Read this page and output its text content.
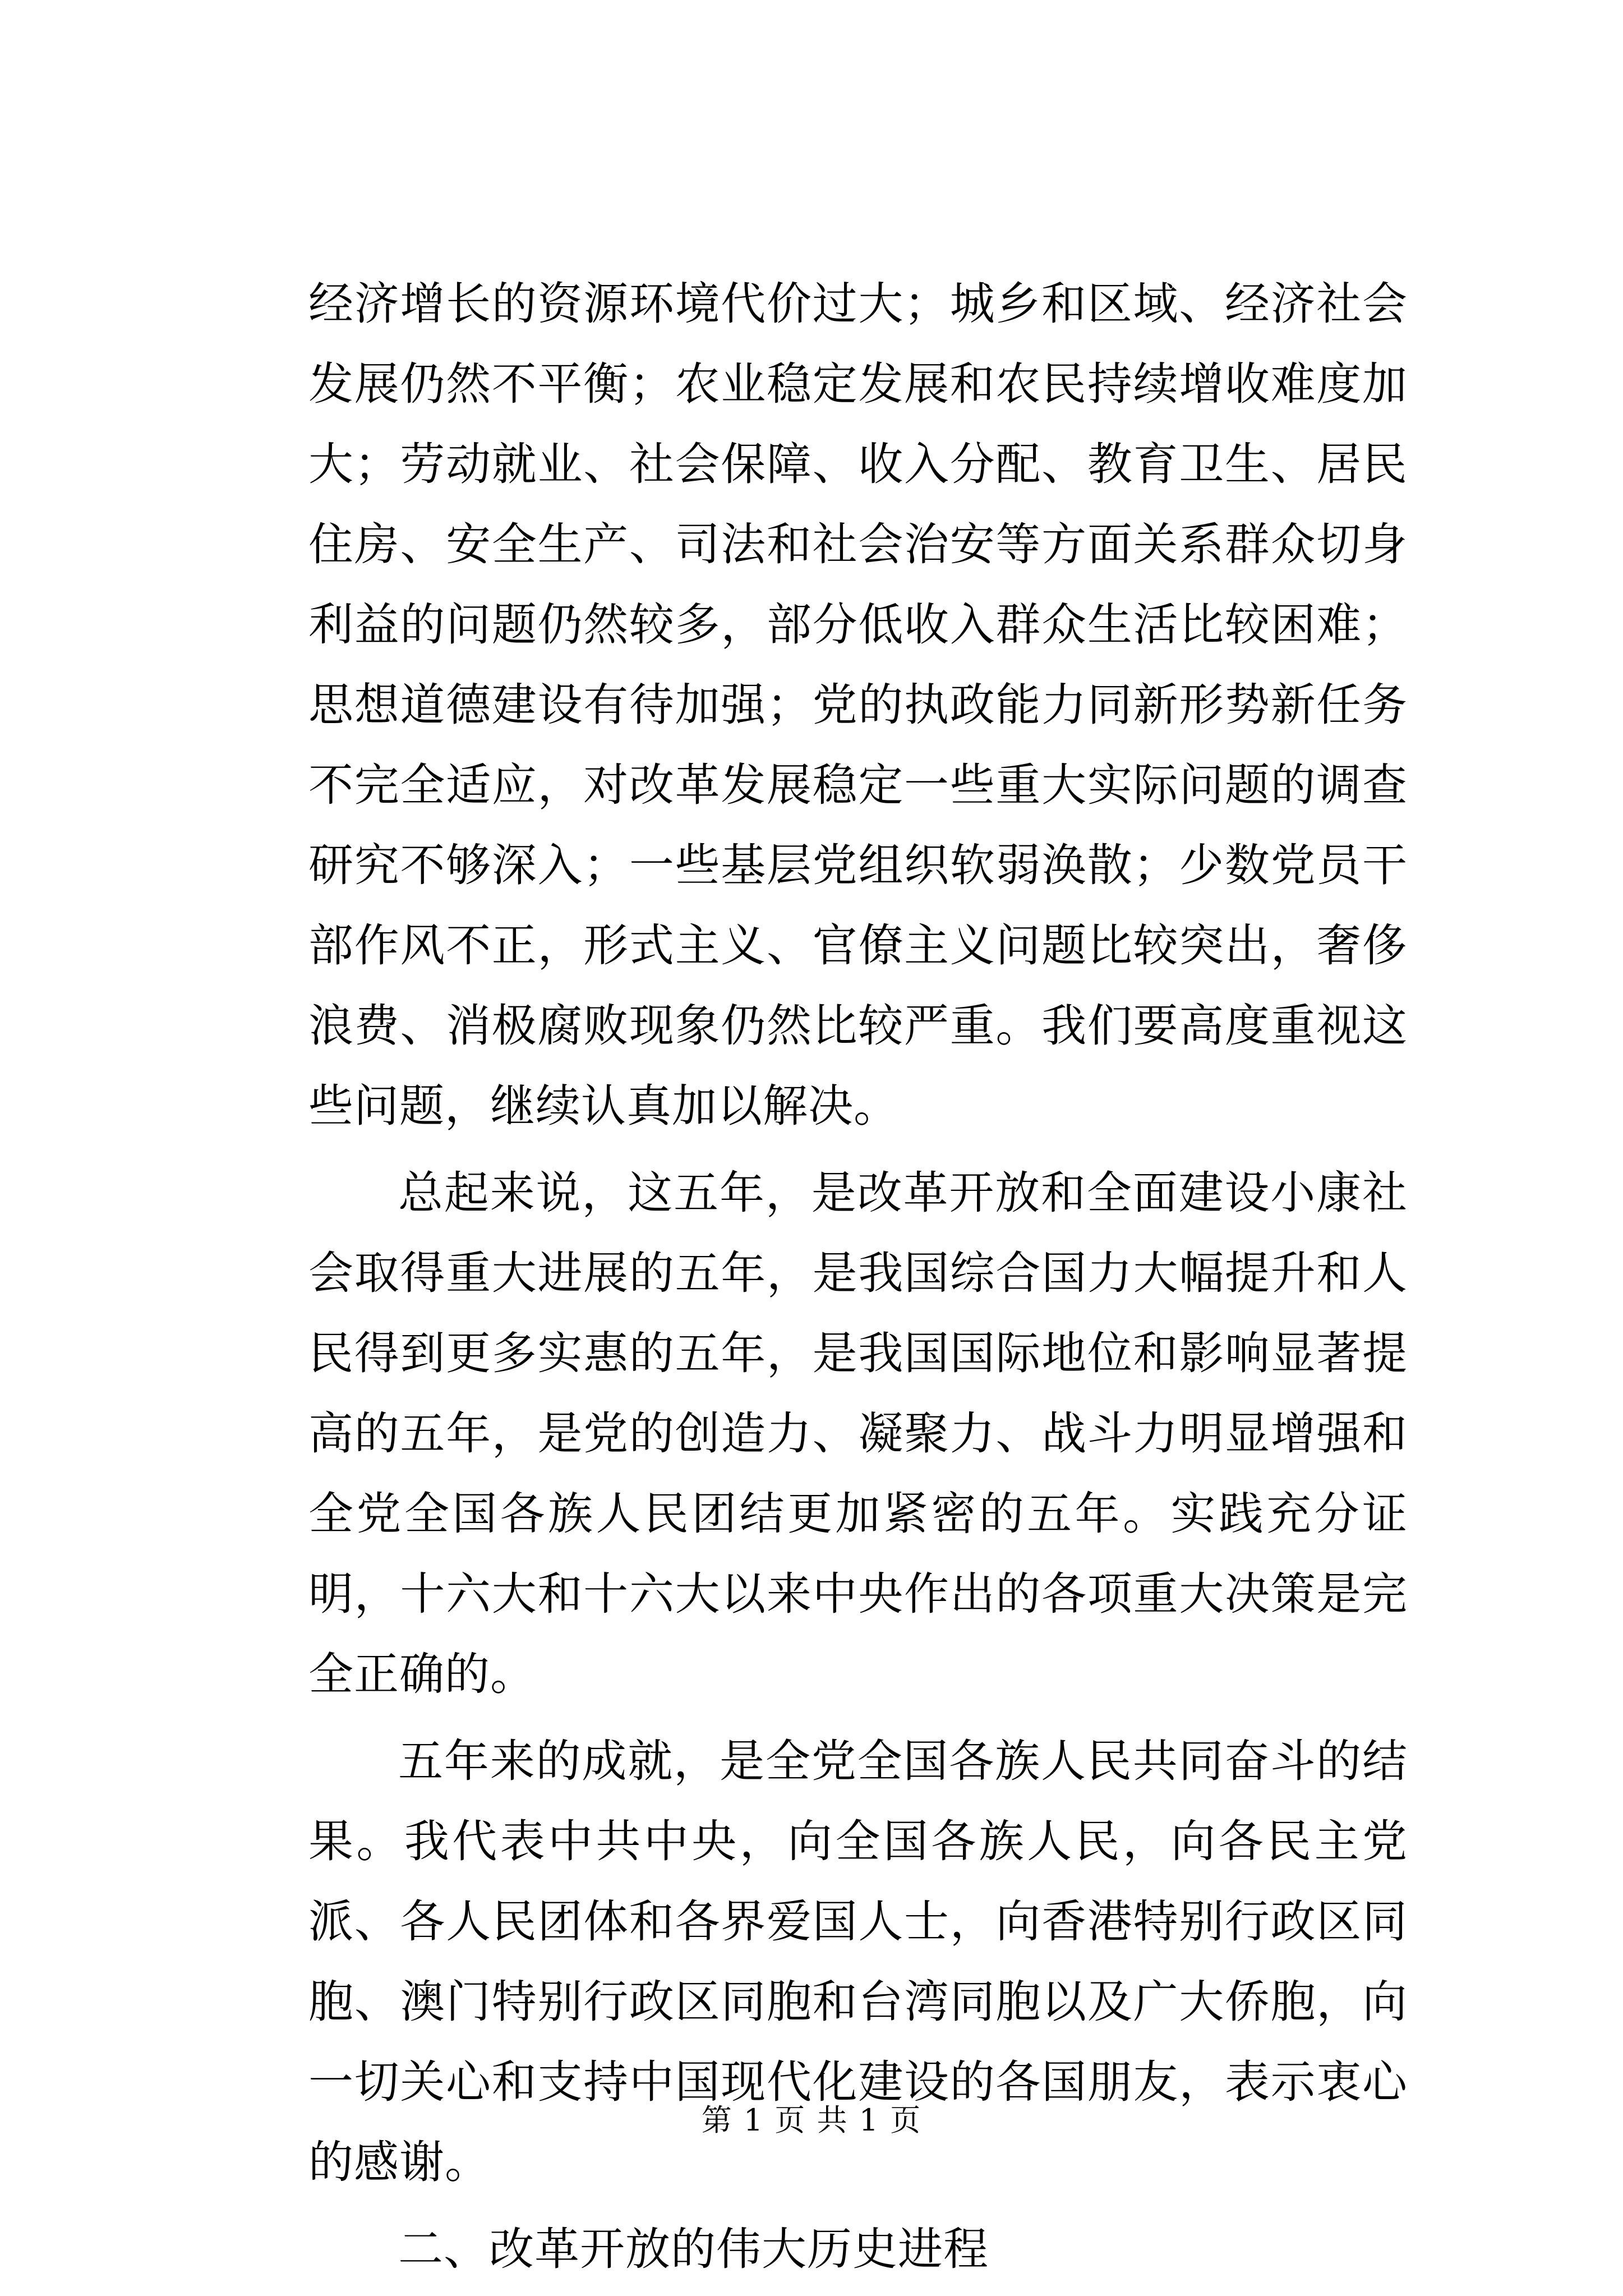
经济增长的资源环境代价过大；城乡和区域、经济社会发展仍然不平衡；农业稳定发展和农民持续增收难度加大；劳动就业、社会保障、收入分配、教育卫生、居民住房、安全生产、司法和社会治安等方面关系群众切身利益的问题仍然较多，部分低收入群众生活比较困难；思想道德建设有待加强；党的执政能力同新形势新任务不完全适应，对改革发展稳定一些重大实际问题的调查研究不够深入；一些基层党组织软弱涣散；少数党员干部作风不正，形式主义、官僚主义问题比较突出，奢侈浪费、消极腐败现象仍然比较严重。我们要高度重视这些问题，继续认真加以解决。

总起来说，这五年，是改革开放和全面建设小康社会取得重大进展的五年，是我国综合国力大幅提升和人民得到更多实惠的五年，是我国国际地位和影响显著提高的五年，是党的创造力、凝聚力、战斗力明显增强和全党全国各族人民团结更加紧密的五年。实践充分证明，十六大和十六大以来中央作出的各项重大决策是完全正确的。

五年来的成就，是全党全国各族人民共同奋斗的结果。我代表中共中央，向全国各族人民，向各民主党派、各人民团体和各界爱国人士，向香港特别行政区同胞、澳门特别行政区同胞和台湾同胞以及广大侨胞，向一切关心和支持中国现代化建设的各国朋友，表示衷心的感谢。

二、改革开放的伟大历史进程

第 1 页 共 1 页
